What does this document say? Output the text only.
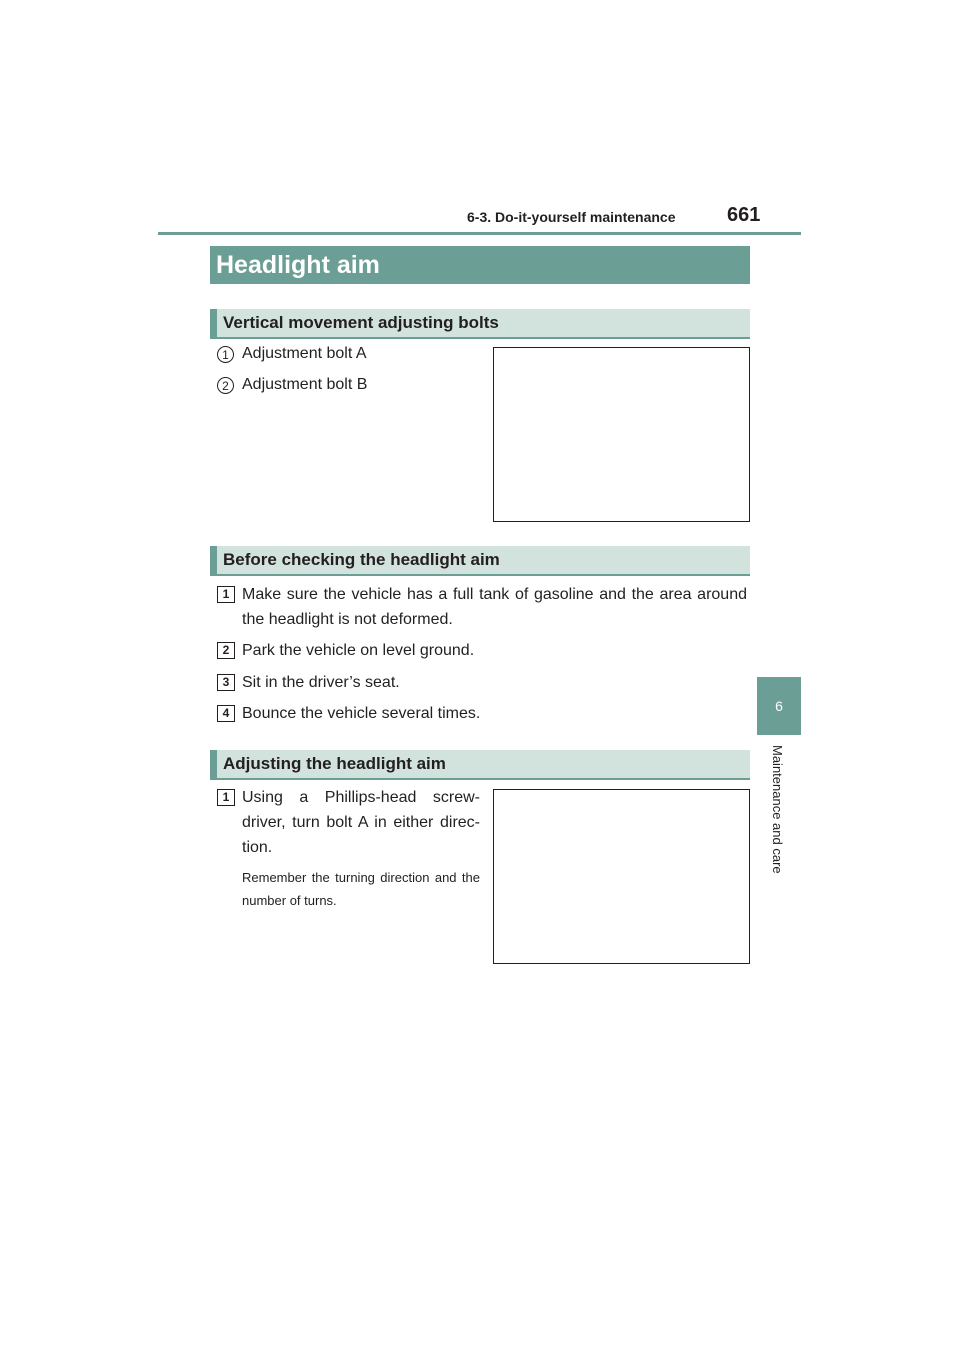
6-3. Do-it-yourself maintenance	661
6
Maintenance and care
Headlight aim
Vertical movement adjusting bolts
1 Adjustment bolt A
2 Adjustment bolt B
Before checking the headlight aim
1 Make sure the vehicle has a full tank of gasoline and the area around the headlight is not deformed.
2 Park the vehicle on level ground.
3 Sit in the driver’s seat.
4 Bounce the vehicle several times.
Adjusting the headlight aim
1 Using a Phillips-head screw-driver, turn bolt A in either direc-tion.
Remember the turning direction and the number of turns.
